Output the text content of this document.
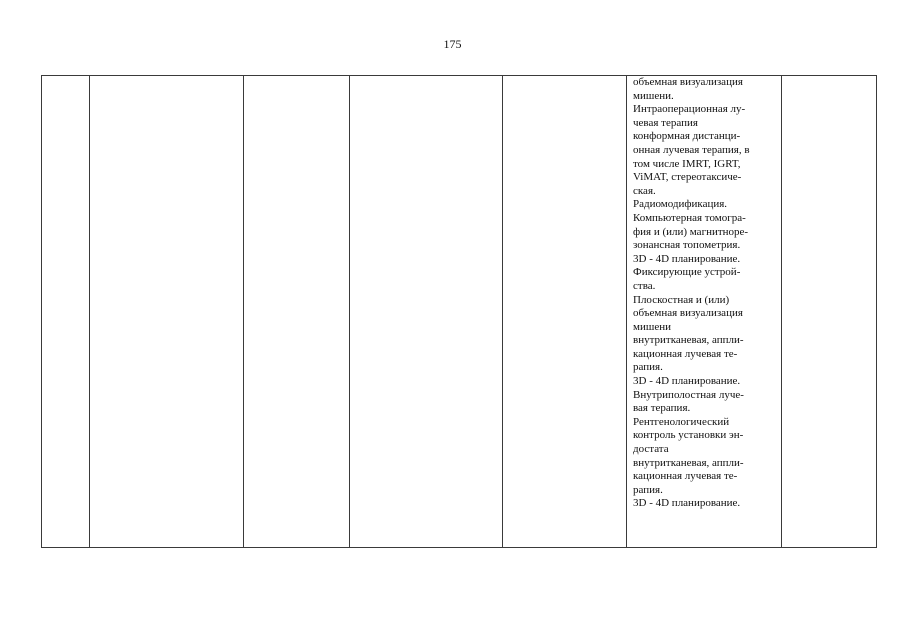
175

объемная визуализация
мишени.
Интраоперационная лу-
чевая терапия
конформная дистанци-
онная лучевая терапия, в
том числе IMRT, IGRT,
ViMAT, стереотаксиче-
ская.
Радиомодификация.
Компьютерная томогра-
фия и (или) магнитноре-
зонансная топометрия.
3D - 4D планирование.
Фиксирующие устрой-
ства.
Плоскостная и (или)
объемная визуализация
мишени
внутритканевая, аппли-
кационная лучевая те-
рапия.
3D - 4D планирование.
Внутриполостная луче-
вая терапия.
Рентгенологический
контроль установки эн-
достата
внутритканевая, аппли-
кационная лучевая те-
рапия.
3D - 4D планирование.
